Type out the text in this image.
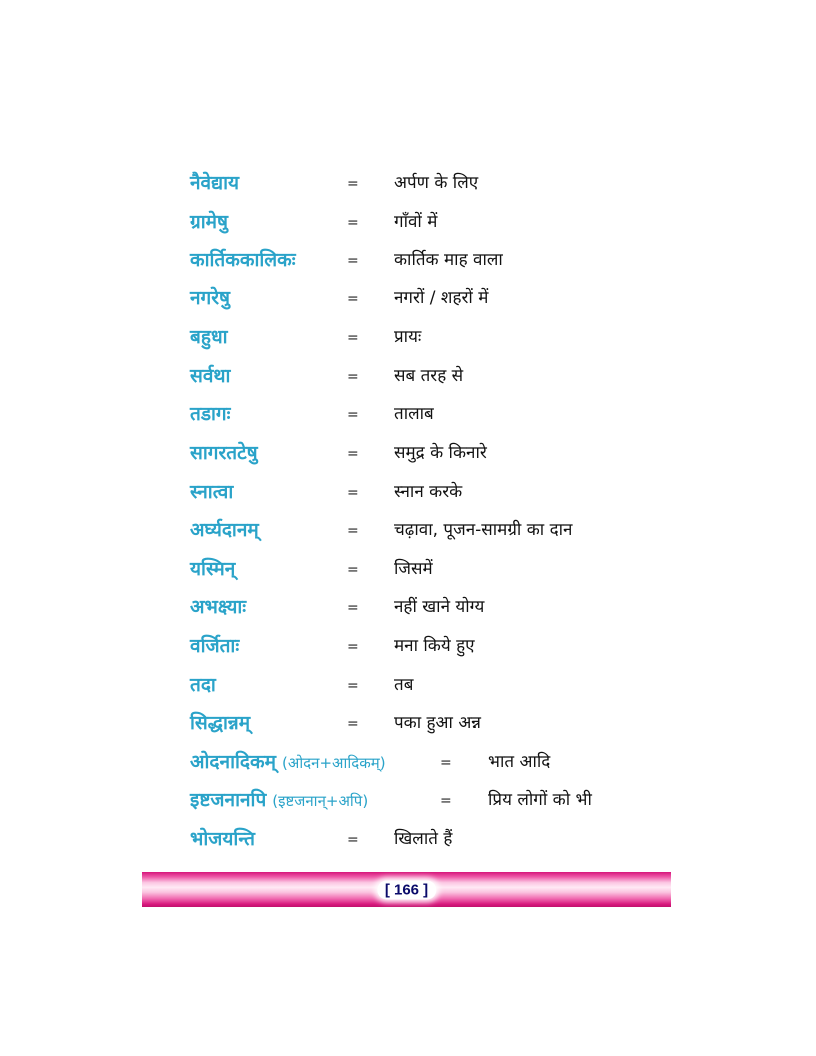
नैवेद्याय	= अर्पण के लिए
ग्रामेषु	= गाँवों में
कार्तिककालिकः	= कार्तिक माह वाला
नगरेषु	= नगरों / शहरों में
बहुधा	= प्रायः
सर्वथा	= सब तरह से
तडागः	= तालाब
सागरतटेषु	= समुद्र के किनारे
स्नात्वा	= स्नान करके
अर्घ्यदानम्	= चढ़ावा, पूजन-सामग्री का दान
यस्मिन्	= जिसमें
अभक्ष्याः	= नहीं खाने योग्य
वर्जिताः	= मना किये हुए
तदा	= तब
सिद्धान्नम्	= पका हुआ अन्न
ओदनादिकम् (ओदन+आदिकम्)	= भात आदि
इष्टजनानपि (इष्टजनान्+अपि)	= प्रिय लोगों को भी
भोजयन्ति	= खिलाते हैं
[ 166 ]
